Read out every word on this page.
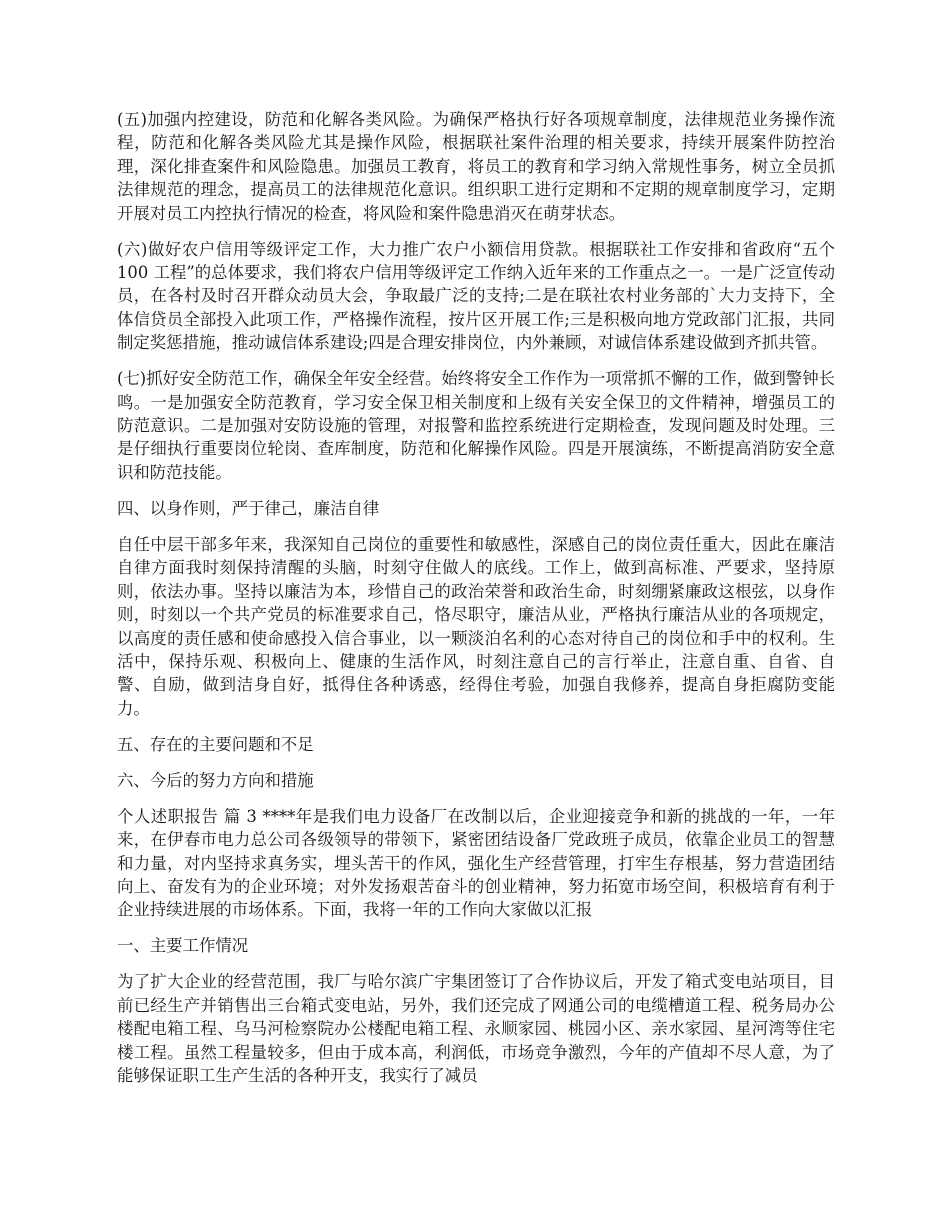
(五)加强内控建设，防范和化解各类风险。为确保严格执行好各项规章制度，法律规范业务操作流程，防范和化解各类风险尤其是操作风险，根据联社案件治理的相关要求，持续开展案件防控治理，深化排查案件和风险隐患。加强员工教育，将员工的教育和学习纳入常规性事务，树立全员抓法律规范的理念，提高员工的法律规范化意识。组织职工进行定期和不定期的规章制度学习，定期开展对员工内控执行情况的检查，将风险和案件隐患消灭在萌芽状态。

(六)做好农户信用等级评定工作，大力推广农户小额信用贷款。根据联社工作安排和省政府“五个 100 工程”的总体要求，我们将农户信用等级评定工作纳入近年来的工作重点之一。一是广泛宣传动员，在各村及时召开群众动员大会，争取最广泛的支持;二是在联社农村业务部的`大力支持下，全体信贷员全部投入此项工作，严格操作流程，按片区开展工作;三是积极向地方党政部门汇报，共同制定奖惩措施，推动诚信体系建设;四是合理安排岗位，内外兼顾，对诚信体系建设做到齐抓共管。

(七)抓好安全防范工作，确保全年安全经营。始终将安全工作作为一项常抓不懈的工作，做到警钟长鸣。一是加强安全防范教育，学习安全保卫相关制度和上级有关安全保卫的文件精神，增强员工的防范意识。二是加强对安防设施的管理，对报警和监控系统进行定期检查，发现问题及时处理。三是仔细执行重要岗位轮岗、查库制度，防范和化解操作风险。四是开展演练，不断提高消防安全意识和防范技能。

四、以身作则，严于律己，廉洁自律

自任中层干部多年来，我深知自己岗位的重要性和敏感性，深感自己的岗位责任重大，因此在廉洁自律方面我时刻保持清醒的头脑，时刻守住做人的底线。工作上，做到高标准、严要求，坚持原则，依法办事。坚持以廉洁为本，珍惜自己的政治荣誉和政治生命，时刻绷紧廉政这根弦，以身作则，时刻以一个共产党员的标准要求自己，恪尽职守，廉洁从业，严格执行廉洁从业的各项规定，以高度的责任感和使命感投入信合事业，以一颗淡泊名利的心态对待自己的岗位和手中的权利。生活中，保持乐观、积极向上、健康的生活作风，时刻注意自己的言行举止，注意自重、自省、自警、自励，做到洁身自好，抵得住各种诱惑，经得住考验，加强自我修养，提高自身拒腐防变能力。

五、存在的主要问题和不足

六、今后的努力方向和措施

个人述职报告 篇 3 ****年是我们电力设备厂在改制以后，企业迎接竞争和新的挑战的一年，一年来，在伊春市电力总公司各级领导的带领下，紧密团结设备厂党政班子成员，依靠企业员工的智慧和力量，对内坚持求真务实，埋头苦干的作风，强化生产经营管理，打牢生存根基，努力营造团结向上、奋发有为的企业环境；对外发扬艰苦奋斗的创业精神，努力拓宽市场空间，积极培育有利于企业持续进展的市场体系。下面，我将一年的工作向大家做以汇报

一、主要工作情况

为了扩大企业的经营范围，我厂与哈尔滨广宇集团签订了合作协议后，开发了箱式变电站项目，目前已经生产并销售出三台箱式变电站，另外，我们还完成了网通公司的电缆槽道工程、税务局办公楼配电箱工程、乌马河检察院办公楼配电箱工程、永顺家园、桃园小区、亲水家园、星河湾等住宅楼工程。虽然工程量较多，但由于成本高，利润低，市场竞争激烈，今年的产值却不尽人意，为了能够保证职工生产生活的各种开支，我实行了减员
